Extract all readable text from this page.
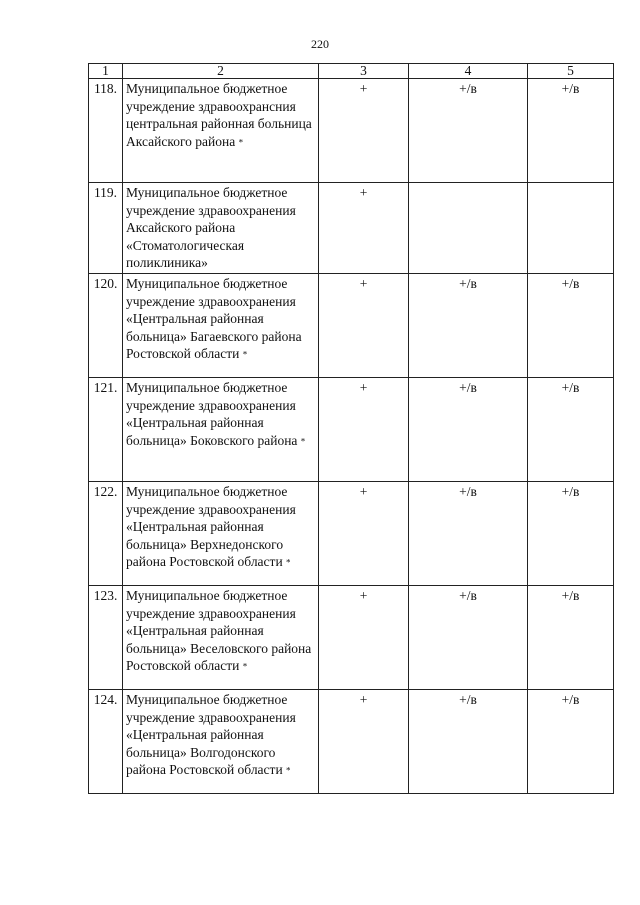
220
1	2	3	4	5
118.	Муниципальное бюджетное учреждение здравоохрансния центральная районная больница Аксайского района *	+	+/в	+/в
119.	Муниципальное бюджетное учреждение здравоохранения Аксайского района «Стоматологическая поликлиника»	+		
120.	Муниципальное бюджетное учреждение здравоохранения «Центральная районная больница» Багаевского района Ростовской области *	+	+/в	+/в
121.	Муниципальное бюджетное учреждение здравоохранения «Центральная районная больница» Боковского района *	+	+/в	+/в
122.	Муниципальное бюджетное учреждение здравоохранения «Центральная районная больница» Верхнедонского района Ростовской области *	+	+/в	+/в
123.	Муниципальное бюджетное учреждение здравоохранения «Центральная районная больница» Веселовского района Ростовской области *	+	+/в	+/в
124.	Муниципальное бюджетное учреждение здравоохранения «Центральная районная больница» Волгодонского района Ростовской области *	+	+/в	+/в
